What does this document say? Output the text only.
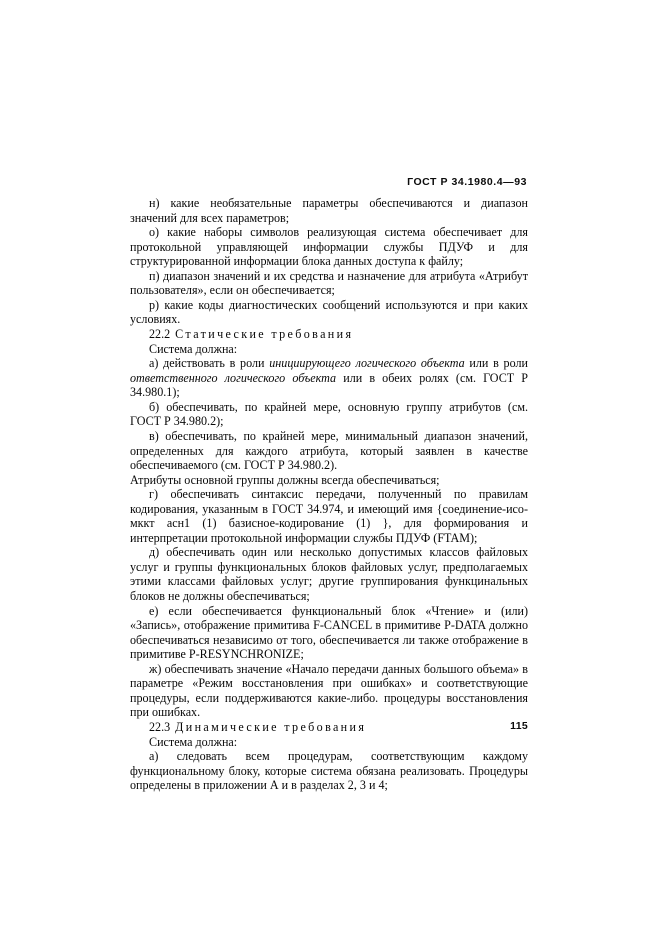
ГОСТ Р 34.1980.4—93

н) какие необязательные параметры обеспечиваются и диапазон значений для всех параметров;

о) какие наборы символов реализующая система обеспечивает для протокольной управляющей информации службы ПДУФ и для структурированной информации блока данных доступа к файлу;

п) диапазон значений и их средства и назначение для атрибута «Атрибут пользователя», если он обеспечивается;

р) какие коды диагностических сообщений используются и при каких условиях.

22.2 Статические требования

Система должна:

а) действовать в роли инициирующего логического объекта или в роли ответственного логического объекта или в обеих ролях (см. ГОСТ Р 34.980.1);

б) обеспечивать, по крайней мере, основную группу атрибутов (см. ГОСТ Р 34.980.2);

в) обеспечивать, по крайней мере, минимальный диапазон значений, определенных для каждого атрибута, который заявлен в качестве обеспечиваемого (см. ГОСТ Р 34.980.2).

Атрибуты основной группы должны всегда обеспечиваться;

г) обеспечивать синтаксис передачи, полученный по правилам кодирования, указанным в ГОСТ 34.974, и имеющий имя {соединение-исо-мккт асн1 (1) базисное-кодирование (1) }, для формирования и интерпретации протокольной информации службы ПДУФ (FTAM);

д) обеспечивать один или несколько допустимых классов файловых услуг и группы функциональных блоков файловых услуг, предполагаемых этими классами файловых услуг; другие группирования функцинальных блоков не должны обеспечиваться;

е) если обеспечивается функциональный блок «Чтение» и (или) «Запись», отображение примитива F-CANCEL в примитиве P-DATA должно обеспечиваться независимо от того, обеспечивается ли также отображение в примитиве P-RESYNCHRONIZE;

ж) обеспечивать значение «Начало передачи данных большого объема» в параметре «Режим восстановления при ошибках» и соответствующие процедуры, если поддерживаются какие-либо. процедуры восстановления при ошибках.

22.3 Динамические требования

Система должна:

а) следовать всем процедурам, соответствующим каждому функциональному блоку, которые система обязана реализовать. Процедуры определены в приложении А и в разделах 2, 3 и 4;

115
